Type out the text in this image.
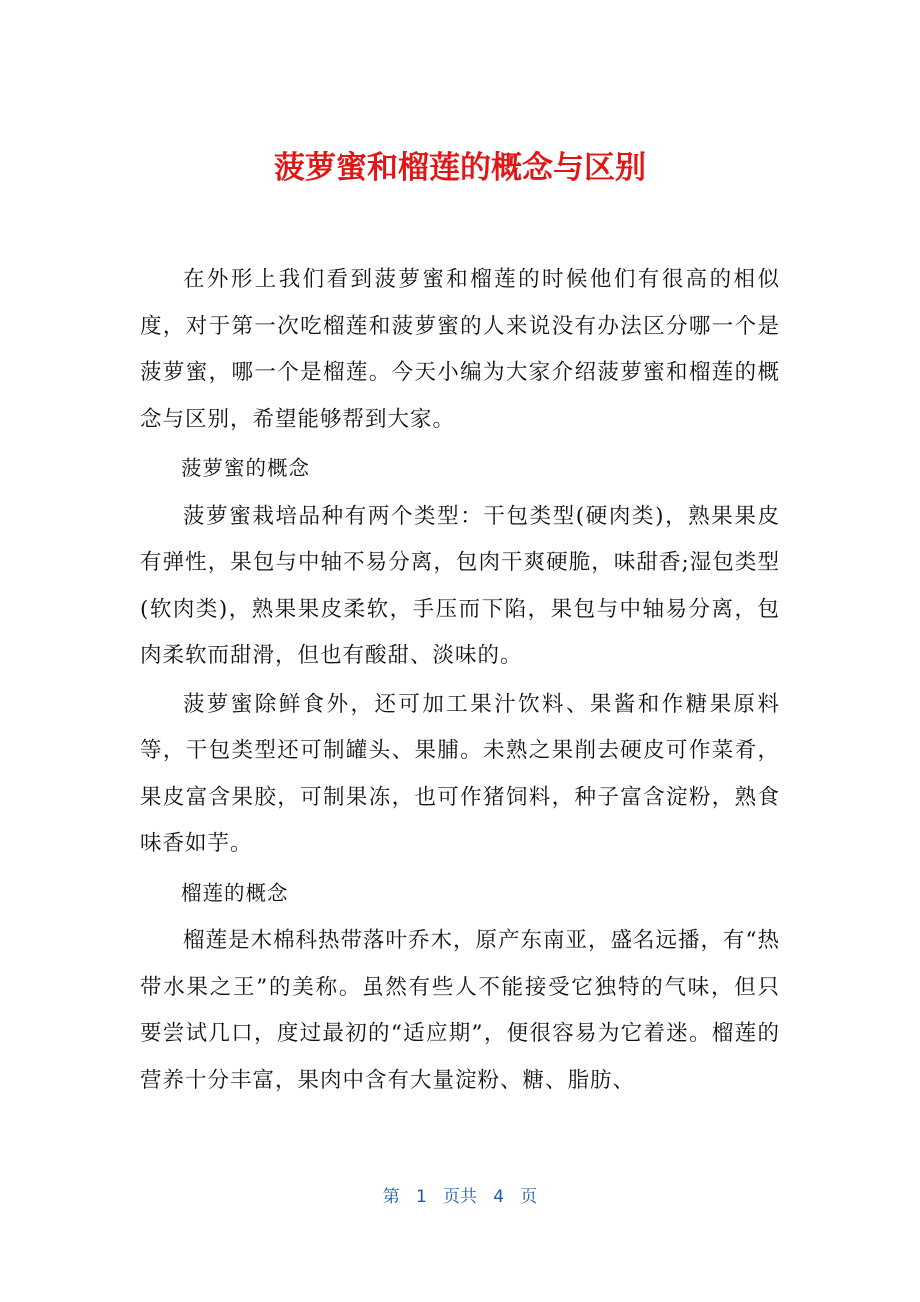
菠萝蜜和榴莲的概念与区别

在外形上我们看到菠萝蜜和榴莲的时候他们有很高的相似度，对于第一次吃榴莲和菠萝蜜的人来说没有办法区分哪一个是菠萝蜜，哪一个是榴莲。今天小编为大家介绍菠萝蜜和榴莲的概念与区别，希望能够帮到大家。

菠萝蜜的概念

菠萝蜜栽培品种有两个类型：干包类型(硬肉类)，熟果果皮有弹性，果包与中轴不易分离，包肉干爽硬脆，味甜香;湿包类型(软肉类)，熟果果皮柔软，手压而下陷，果包与中轴易分离，包肉柔软而甜滑，但也有酸甜、淡味的。

菠萝蜜除鲜食外，还可加工果汁饮料、果酱和作糖果原料等，干包类型还可制罐头、果脯。未熟之果削去硬皮可作菜肴，果皮富含果胶，可制果冻，也可作猪饲料，种子富含淀粉，熟食味香如芋。

榴莲的概念

榴莲是木棉科热带落叶乔木，原产东南亚，盛名远播，有“热带水果之王”的美称。虽然有些人不能接受它独特的气味，但只要尝试几口，度过最初的“适应期”，便很容易为它着迷。榴莲的营养十分丰富，果肉中含有大量淀粉、糖、脂肪、

第 1 页共 4 页
